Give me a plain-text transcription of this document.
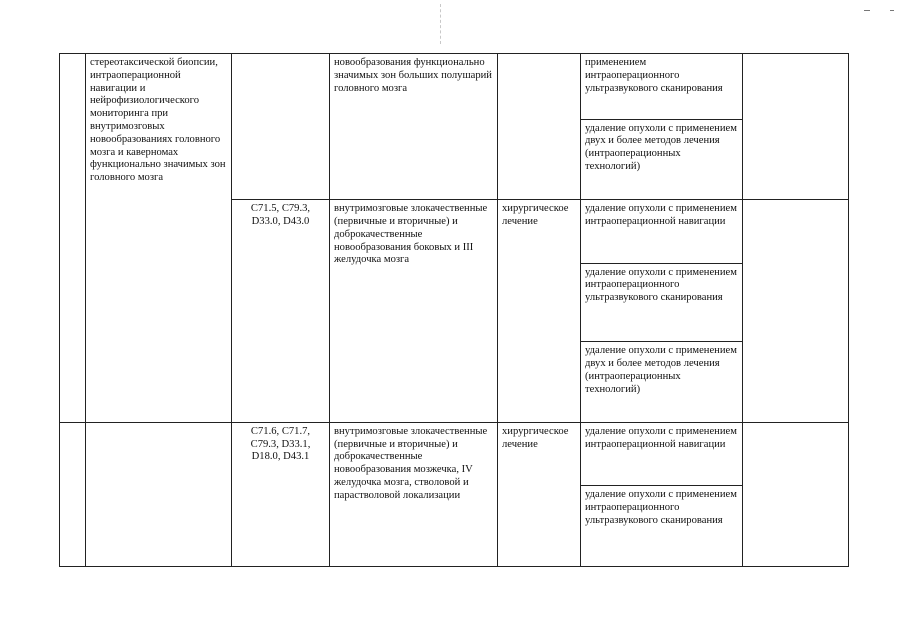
	стереотаксической биопсии, интраоперационной навигации и нейрофизиологического мониторинга при внутримозговых новообразованиях головного мозга и каверномах функционально значимых зон головного мозга		новообразования функционально значимых зон больших полушарий головного мозга		применением интраоперационного ультразвукового сканирования	
					удаление опухоли с применением двух и более методов лечения (интраоперационных технологий)	
		C71.5, C79.3, D33.0, D43.0	внутримозговые злокачественные (первичные и вторичные) и доброкачественные новообразования боковых и III желудочка мозга	хирургическое лечение	удаление опухоли с применением интраоперационной навигации	
					удаление опухоли с применением интраоперационного ультразвукового сканирования	
					удаление опухоли с применением двух и более методов лечения (интраоперационных технологий)	
		C71.6, C71.7, C79.3, D33.1, D18.0, D43.1	внутримозговые злокачественные (первичные и вторичные) и доброкачественные новообразования мозжечка, IV желудочка мозга, стволовой и парастволовой локализации	хирургическое лечение	удаление опухоли с применением интраоперационной навигации	
					удаление опухоли с применением интраоперационного ультразвукового сканирования	
